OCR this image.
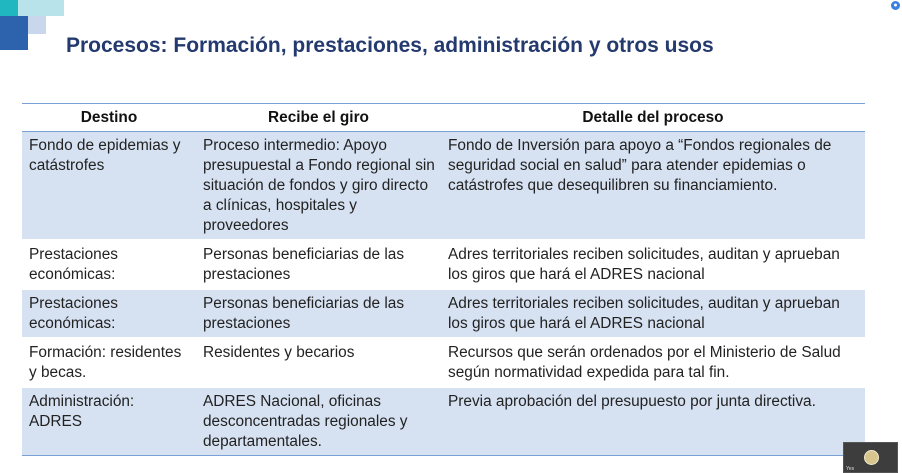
●
Procesos: Formación, prestaciones, administración y otros usos
Destino	Recibe el giro	Detalle del proceso
Fondo de epidemias y catástrofes	Proceso intermedio: Apoyo presupuestal a Fondo regional sin situación de fondos y giro directo a clínicas, hospitales y proveedores	Fondo de Inversión para apoyo a “Fondos regionales de seguridad social en salud” para atender epidemias o catástrofes que desequilibren su financiamiento.
Prestaciones económicas:	Personas beneficiarias de las prestaciones	Adres territoriales reciben solicitudes, auditan y aprueban los giros que hará el ADRES nacional
Prestaciones económicas:	Personas beneficiarias de las prestaciones	Adres territoriales reciben solicitudes, auditan y aprueban los giros que hará el ADRES nacional
Formación: residentes y becas.	Residentes y becarios	Recursos que serán ordenados por el Ministerio de Salud según normatividad expedida para tal fin.
Administración: ADRES	ADRES Nacional, oficinas desconcentradas regionales y departamentales.	Previa aprobación del presupuesto por junta directiva.
Yes
